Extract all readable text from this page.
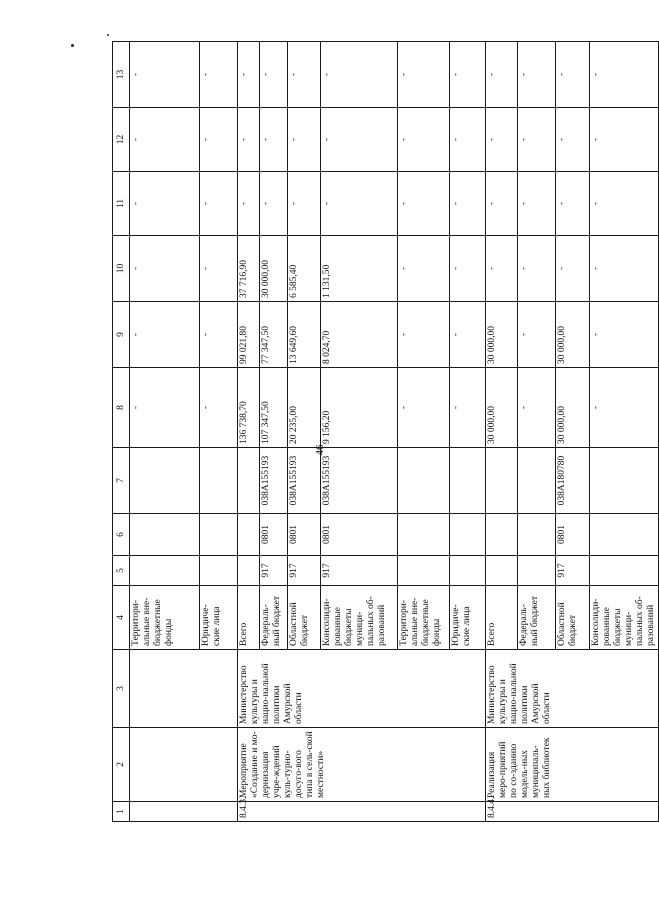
46
1	2	3	4	5	6	7	8	9	10	11	12	13
			Территори-альные вне-бюджетные фонды				-	-	-	-	-	-
			Юридиче-ские лица				-	-	-	-	-	-
8.4.3.	Мероприятие «Создание и мо-дернизация учре-ждений куль-турно-досуго-вого типа в сель-ской местности»	Министерство культуры и нацио-нальной политики Амурской области	Всего				136 738,70	99 021,80	37 716,90	-	-	-
			Федераль-ный бюджет	917	0801	038A155193	107 347,50	77 347,50	30 000,00	-	-	-
			Областной бюджет	917	0801	038A155193	20 235,00	13 649,60	6 585,40	-	-	-
			Консолиди-рованные бюджеты муници-пальных об-разований	917	0801	038A155193	9 156,20	8 024,70	1 131,50	-	-	-
			Территори-альные вне-бюджетные фонды				-	-	-	-	-	-
			Юридиче-ские лица				-	-	-	-	-	-
8.4.4.	Реализация меро-приятий по со-зданию модель-ных муниципаль-ных библиотек	Министерство культуры и нацио-нальной политики Амурской области	Всего				30 000,00	30 000,00	-	-	-	-
			Федераль-ный бюджет				-	-	-	-	-	-
			Областной бюджет	917	0801	038A180780	30 000,00	30 000,00	-	-	-	-
			Консолиди-рованные бюджеты муници-пальных об-разований				-	-	-	-	-	-
